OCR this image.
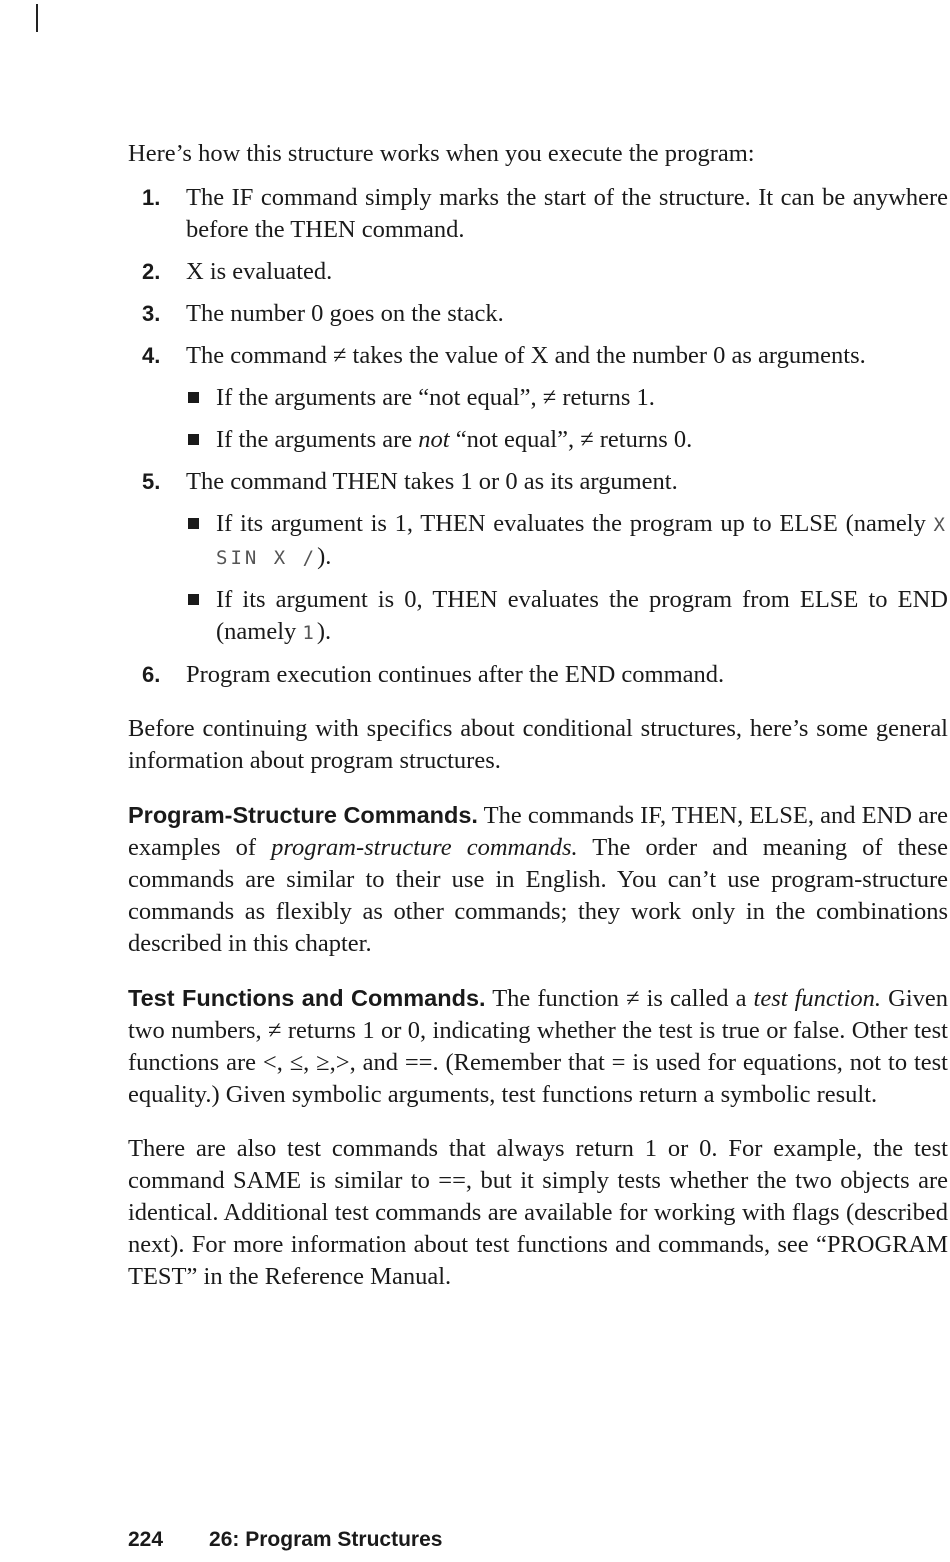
Here’s how this structure works when you execute the program:

1. The IF command simply marks the start of the structure. It can be anywhere before the THEN command.
2. X is evaluated.
3. The number 0 goes on the stack.
4. The command ≠ takes the value of X and the number 0 as arguments.
If the arguments are “not equal”, ≠ returns 1.
If the arguments are not “not equal”, ≠ returns 0.
5. The command THEN takes 1 or 0 as its argument.
If its argument is 1, THEN evaluates the program up to ELSE (namely X SIN X /).
If its argument is 0, THEN evaluates the program from ELSE to END (namely 1).
6. Program execution continues after the END command.

Before continuing with specifics about conditional structures, here’s some general information about program structures.

Program-Structure Commands. The commands IF, THEN, ELSE, and END are examples of program-structure commands. The order and meaning of these commands are similar to their use in English. You can’t use program-structure commands as flexibly as other commands; they work only in the combinations described in this chapter.

Test Functions and Commands. The function ≠ is called a test function. Given two numbers, ≠ returns 1 or 0, indicating whether the test is true or false. Other test functions are <, ≤, ≥,>, and ==. (Remember that = is used for equations, not to test equality.) Given symbolic arguments, test functions return a symbolic result.

There are also test commands that always return 1 or 0. For example, the test command SAME is similar to ==, but it simply tests whether the two objects are identical. Additional test commands are available for working with flags (described next). For more information about test functions and commands, see “PROGRAM TEST” in the Reference Manual.

224 26: Program Structures
